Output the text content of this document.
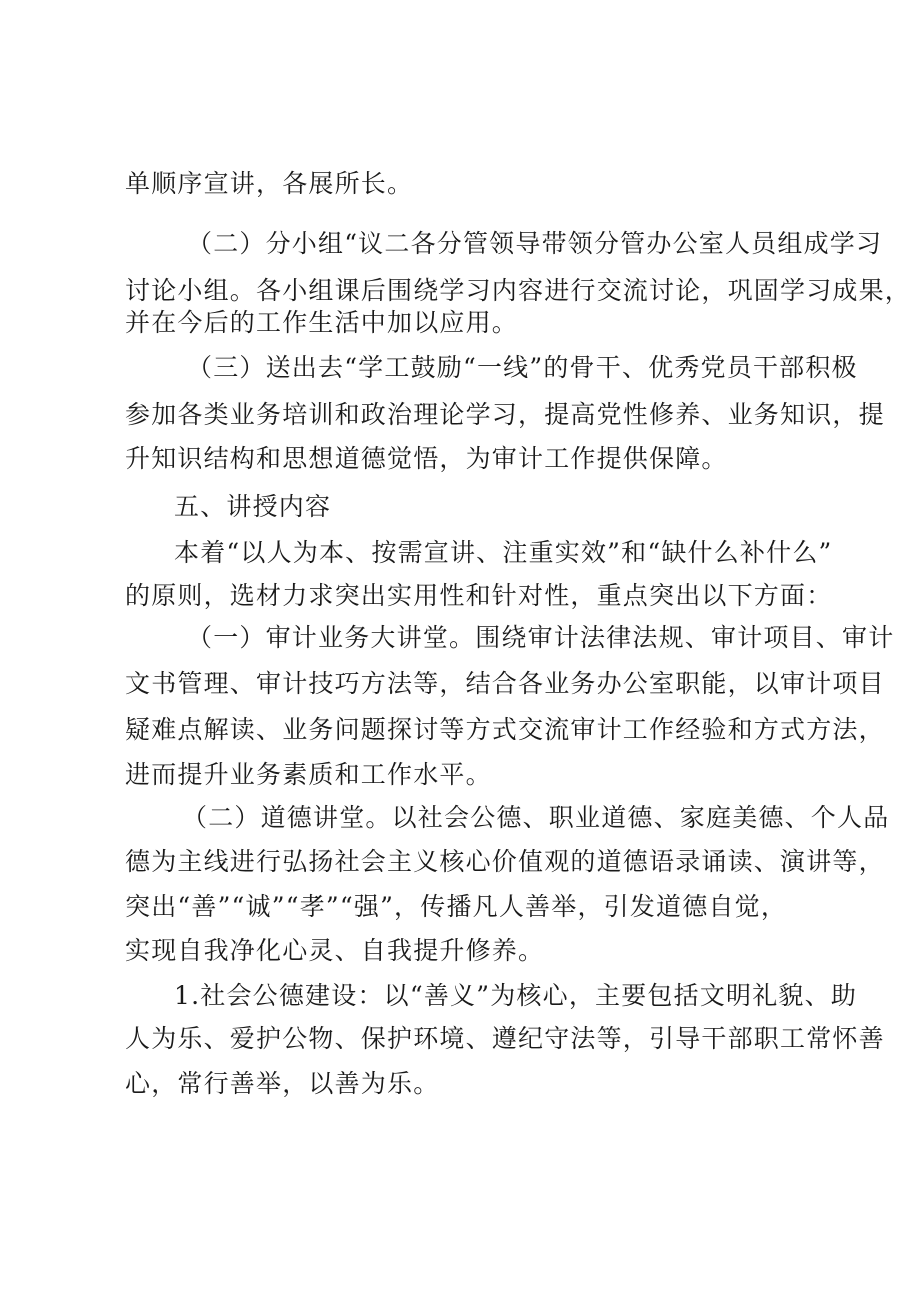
单顺序宣讲，各展所长。
（二）分小组“议二各分管领导带领分管办公室人员组成学习
讨论小组。各小组课后围绕学习内容进行交流讨论，巩固学习成果，
并在今后的工作生活中加以应用。
（三）送出去“学工鼓励“一线”的骨干、优秀党员干部积极
参加各类业务培训和政治理论学习，提高党性修养、业务知识，提
升知识结构和思想道德觉悟，为审计工作提供保障。
五、讲授内容
本着“以人为本、按需宣讲、注重实效”和“缺什么补什么”
的原则，选材力求突出实用性和针对性，重点突出以下方面：
（一）审计业务大讲堂。围绕审计法律法规、审计项目、审计
文书管理、审计技巧方法等，结合各业务办公室职能，以审计项目
疑难点解读、业务问题探讨等方式交流审计工作经验和方式方法，
进而提升业务素质和工作水平。
（二）道德讲堂。以社会公德、职业道德、家庭美德、个人品
德为主线进行弘扬社会主义核心价值观的道德语录诵读、演讲等，
突出“善”“诚”“孝”“强”，传播凡人善举，引发道德自觉，
实现自我净化心灵、自我提升修养。
1.社会公德建设：以“善义”为核心，主要包括文明礼貌、助
人为乐、爱护公物、保护环境、遵纪守法等，引导干部职工常怀善
心，常行善举，以善为乐。
